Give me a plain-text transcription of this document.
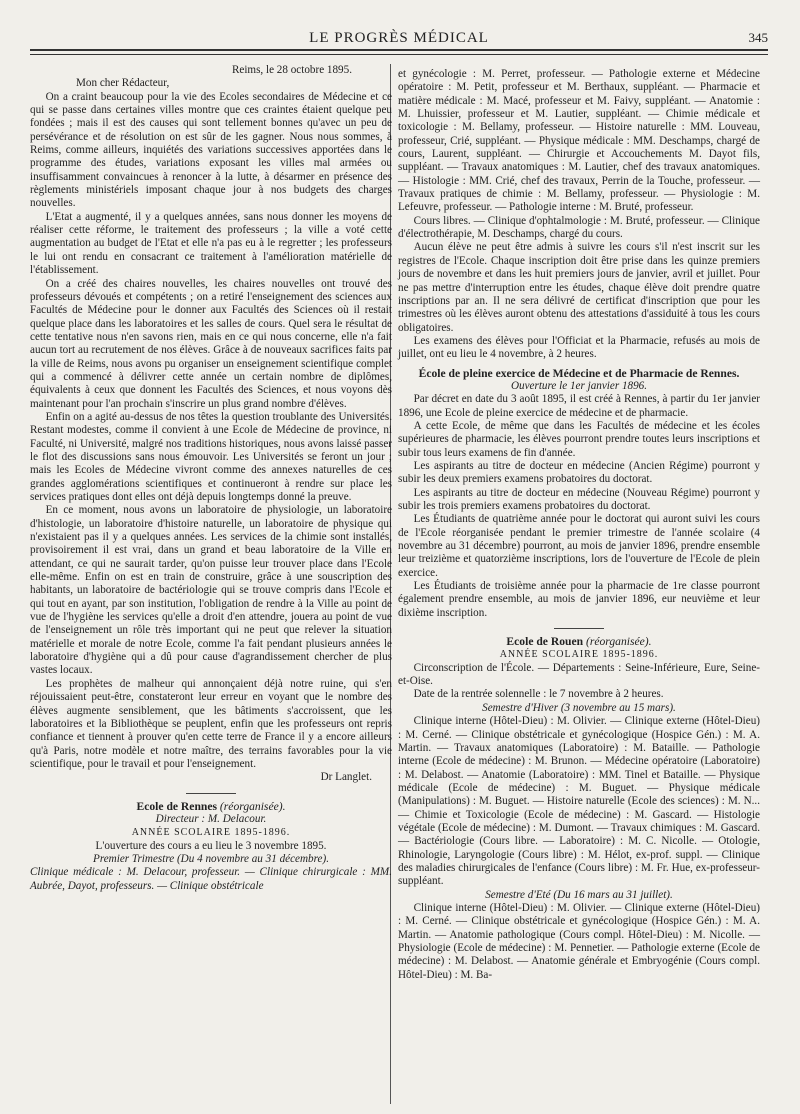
LE PROGRÈS MÉDICAL	345

Reims, le 28 octobre 1895.

Mon cher Rédacteur,

On a craint beaucoup pour la vie des Ecoles secondaires de Médecine et ce qui se passe dans certaines villes montre que ces craintes étaient quelque peu fondées ; mais il est des causes qui sont tellement bonnes qu'avec un peu de persévérance et de résolution on est sûr de les gagner. Nous nous sommes, à Reims, comme ailleurs, inquiétés des variations successives apportées dans le programme des études, variations exposant les villes mal armées ou insuffisamment convaincues à renoncer à la lutte, à désarmer en présence des règlements ministériels imposant chaque jour à nos budgets des charges nouvelles.

L'Etat a augmenté, il y a quelques années, sans nous donner les moyens de réaliser cette réforme, le traitement des professeurs ; la ville a voté cette augmentation au budget de l'Etat et elle n'a pas eu à le regretter ; les professeurs le lui ont rendu en consacrant ce traitement à l'amélioration matérielle de l'établissement.

On a créé des chaires nouvelles, les chaires nouvelles ont trouvé des professeurs dévoués et compétents ; on a retiré l'enseignement des sciences aux Facultés de Médecine pour le donner aux Facultés des Sciences où il restait quelque place dans les laboratoires et les salles de cours. Quel sera le résultat de cette tentative nous n'en savons rien, mais en ce qui nous concerne, elle n'a fait aucun tort au recrutement de nos élèves. Grâce à de nouveaux sacrifices faits par la ville de Reims, nous avons pu organiser un enseignement scientifique complet qui a commencé à délivrer cette année un certain nombre de diplômes, équivalents à ceux que donnent les Facultés des Sciences, et nous voyons dès maintenant pour l'an prochain s'inscrire un plus grand nombre d'élèves.

Enfin on a agité au-dessus de nos têtes la question troublante des Universités. Restant modestes, comme il convient à une Ecole de Médecine de province, ni Faculté, ni Université, malgré nos traditions historiques, nous avons laissé passer le flot des discussions sans nous émouvoir. Les Universités se feront un jour ; mais les Ecoles de Médecine vivront comme des annexes naturelles de ces grandes agglomérations scientifiques et continueront à rendre sur place les services pratiques dont elles ont déjà depuis longtemps donné la preuve.

En ce moment, nous avons un laboratoire de physiologie, un laboratoire d'histologie, un laboratoire d'histoire naturelle, un laboratoire de physique qui n'existaient pas il y a quelques années. Les services de la chimie sont installés, provisoirement il est vrai, dans un grand et beau laboratoire de la Ville en attendant, ce qui ne saurait tarder, qu'on puisse leur trouver place dans l'Ecole elle-même. Enfin on est en train de construire, grâce à une souscription des habitants, un laboratoire de bactériologie qui se trouve compris dans l'Ecole et qui tout en ayant, par son institution, l'obligation de rendre à la Ville au point de vue de l'hygiène les services qu'elle a droit d'en attendre, jouera au point de vue de l'enseignement un rôle très important qui ne peut que relever la situation matérielle et morale de notre Ecole, comme l'a fait pendant plusieurs années le laboratoire d'hygiène qui a dû pour cause d'agrandissement chercher de plus vastes locaux.

Les prophètes de malheur qui annonçaient déjà notre ruine, qui s'en réjouissaient peut-être, constateront leur erreur en voyant que le nombre des élèves augmente sensiblement, que les bâtiments s'accroissent, que les laboratoires et la Bibliothèque se peuplent, enfin que les professeurs ont repris confiance et tiennent à prouver qu'en cette terre de France il y a encore ailleurs qu'à Paris, notre modèle et notre maître, des terrains favorables pour la vie scientifique, pour le travail et pour l'enseignement.

Dr Langlet.

Ecole de Rennes (réorganisée).

Directeur : M. Delacour.

ANNÉE SCOLAIRE 1895-1896.

L'ouverture des cours a eu lieu le 3 novembre 1895.

Premier Trimestre (Du 4 novembre au 31 décembre).

Clinique médicale : M. Delacour, professeur. — Clinique chirurgicale : MM. Aubrée, Dayot, professeurs. — Clinique obstétricale

et gynécologie : M. Perret, professeur. — Pathologie externe et Médecine opératoire : M. Petit, professeur et M. Berthaux, suppléant. — Pharmacie et matière médicale : M. Macé, professeur et M. Faivy, suppléant. — Anatomie : M. Lhuissier, professeur et M. Lautier, suppléant. — Chimie médicale et toxicologie : M. Bellamy, professeur. — Histoire naturelle : MM. Louveau, professeur, Crié, suppléant. — Physique médicale : MM. Deschamps, chargé de cours, Laurent, suppléant. — Chirurgie et Accouchements M. Dayot fils, suppléant. — Travaux anatomiques : M. Lautier, chef des travaux anatomiques. — Histologie : MM. Crié, chef des travaux, Perrin de la Touche, professeur. — Travaux pratiques de chimie : M. Bellamy, professeur. — Physiologie : M. Lefeuvre, professeur. — Pathologie interne : M. Bruté, professeur.

Cours libres. — Clinique d'ophtalmologie : M. Bruté, professeur. — Clinique d'électrothérapie, M. Deschamps, chargé du cours.

Aucun élève ne peut être admis à suivre les cours s'il n'est inscrit sur les registres de l'Ecole. Chaque inscription doit être prise dans les quinze premiers jours de novembre et dans les huit premiers jours de janvier, avril et juillet. Pour ne pas mettre d'interruption entre les études, chaque élève doit prendre quatre inscriptions par an. Il ne sera délivré de certificat d'inscription que pour les trimestres où les élèves auront obtenu des attestations d'assiduité à tous les cours obligatoires.

Les examens des élèves pour l'Officiat et la Pharmacie, refusés au mois de juillet, ont eu lieu le 4 novembre, à 2 heures.

École de pleine exercice de Médecine et de Pharmacie de Rennes.

Ouverture le 1er janvier 1896.

Par décret en date du 3 août 1895, il est créé à Rennes, à partir du 1er janvier 1896, une Ecole de pleine exercice de médecine et de pharmacie.

A cette Ecole, de même que dans les Facultés de médecine et les écoles supérieures de pharmacie, les élèves pourront prendre toutes leurs inscriptions et subir tous leurs examens de fin d'année.

Les aspirants au titre de docteur en médecine (Ancien Régime) pourront y subir les deux premiers examens probatoires du doctorat.

Les aspirants au titre de docteur en médecine (Nouveau Régime) pourront y subir les trois premiers examens probatoires du doctorat.

Les Étudiants de quatrième année pour le doctorat qui auront suivi les cours de l'Ecole réorganisée pendant le premier trimestre de l'année scolaire (4 novembre au 31 décembre) pourront, au mois de janvier 1896, prendre ensemble leur treizième et quatorzième inscriptions, lors de l'ouverture de l'Ecole de plein exercice.

Les Étudiants de troisième année pour la pharmacie de 1re classe pourront également prendre ensemble, au mois de janvier 1896, eur neuvième et leur dixième inscription.

Ecole de Rouen (réorganisée).

ANNÉE SCOLAIRE 1895-1896.

Circonscription de l'École. — Départements : Seine-Inférieure, Eure, Seine-et-Oise.

Date de la rentrée solennelle : le 7 novembre à 2 heures.

Semestre d'Hiver (3 novembre au 15 mars).

Clinique interne (Hôtel-Dieu) : M. Olivier. — Clinique externe (Hôtel-Dieu) : M. Cerné. — Clinique obstétricale et gynécologique (Hospice Gén.) : M. A. Martin. — Travaux anatomiques (Laboratoire) : M. Bataille. — Pathologie interne (Ecole de médecine) : M. Brunon. — Médecine opératoire (Laboratoire) : M. Delabost. — Anatomie (Laboratoire) : MM. Tinel et Bataille. — Physique médicale (Ecole de médecine) : M. Buguet. — Physique médicale (Manipulations) : M. Buguet. — Histoire naturelle (Ecole des sciences) : M. N... — Chimie et Toxicologie (Ecole de médecine) : M. Gascard. — Histologie végétale (Ecole de médecine) : M. Dumont. — Travaux chimiques : M. Gascard. — Bactériologie (Cours libre. — Laboratoire) : M. C. Nicolle. — Otologie, Rhinologie, Laryngologie (Cours libre) : M. Hélot, ex-prof. suppl. — Clinique des maladies chirurgicales de l'enfance (Cours libre) : M. Fr. Hue, ex-professeur-suppléant.

Semestre d'Eté (Du 16 mars au 31 juillet).

Clinique interne (Hôtel-Dieu) : M. Olivier. — Clinique externe (Hôtel-Dieu) : M. Cerné. — Clinique obstétricale et gynécologique (Hospice Gén.) : M. A. Martin. — Anatomie pathologique (Cours compl. Hôtel-Dieu) : M. Nicolle. — Physiologie (Ecole de médecine) : M. Pennetier. — Pathologie externe (Ecole de médecine) : M. Delabost. — Anatomie générale et Embryogénie (Cours compl. Hôtel-Dieu) : M. Ba-
